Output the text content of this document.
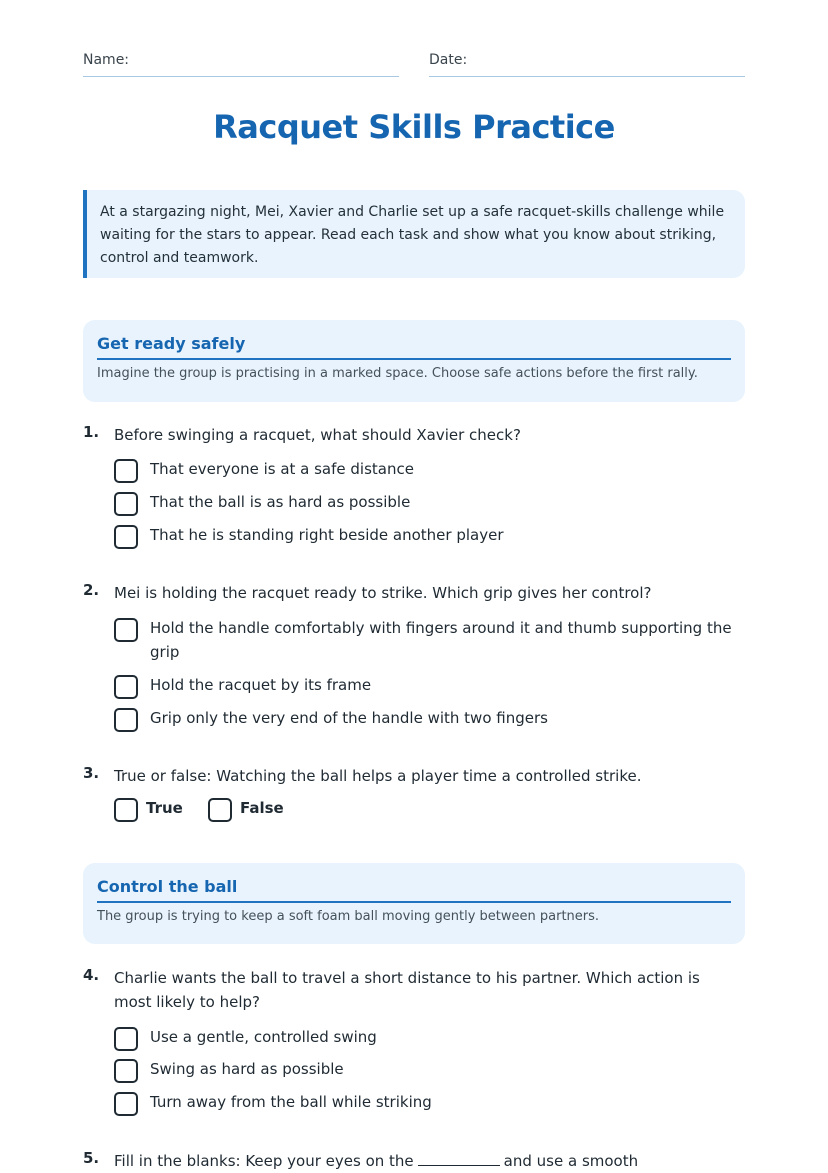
Name:	Date:
Racquet Skills Practice
At a stargazing night, Mei, Xavier and Charlie set up a safe racquet-skills challenge while waiting for the stars to appear. Read each task and show what you know about striking, control and teamwork.
Get ready safely

Imagine the group is practising in a marked space. Choose safe actions before the first rally.

1. Before swinging a racquet, what should Xavier check?
That everyone is at a safe distance
That the ball is as hard as possible
That he is standing right beside another player
2. Mei is holding the racquet ready to strike. Which grip gives her control?
Hold the handle comfortably with fingers around it and thumb supporting the grip
Hold the racquet by its frame
Grip only the very end of the handle with two fingers
3. True or false: Watching the ball helps a player time a controlled strike.
True	False
Control the ball

The group is trying to keep a soft foam ball moving gently between partners.

4. Charlie wants the ball to travel a short distance to his partner. Which action is most likely to help?
Use a gentle, controlled swing
Swing as hard as possible
Turn away from the ball while striking
5. Fill in the blanks: Keep your eyes on the	and use a smooth
